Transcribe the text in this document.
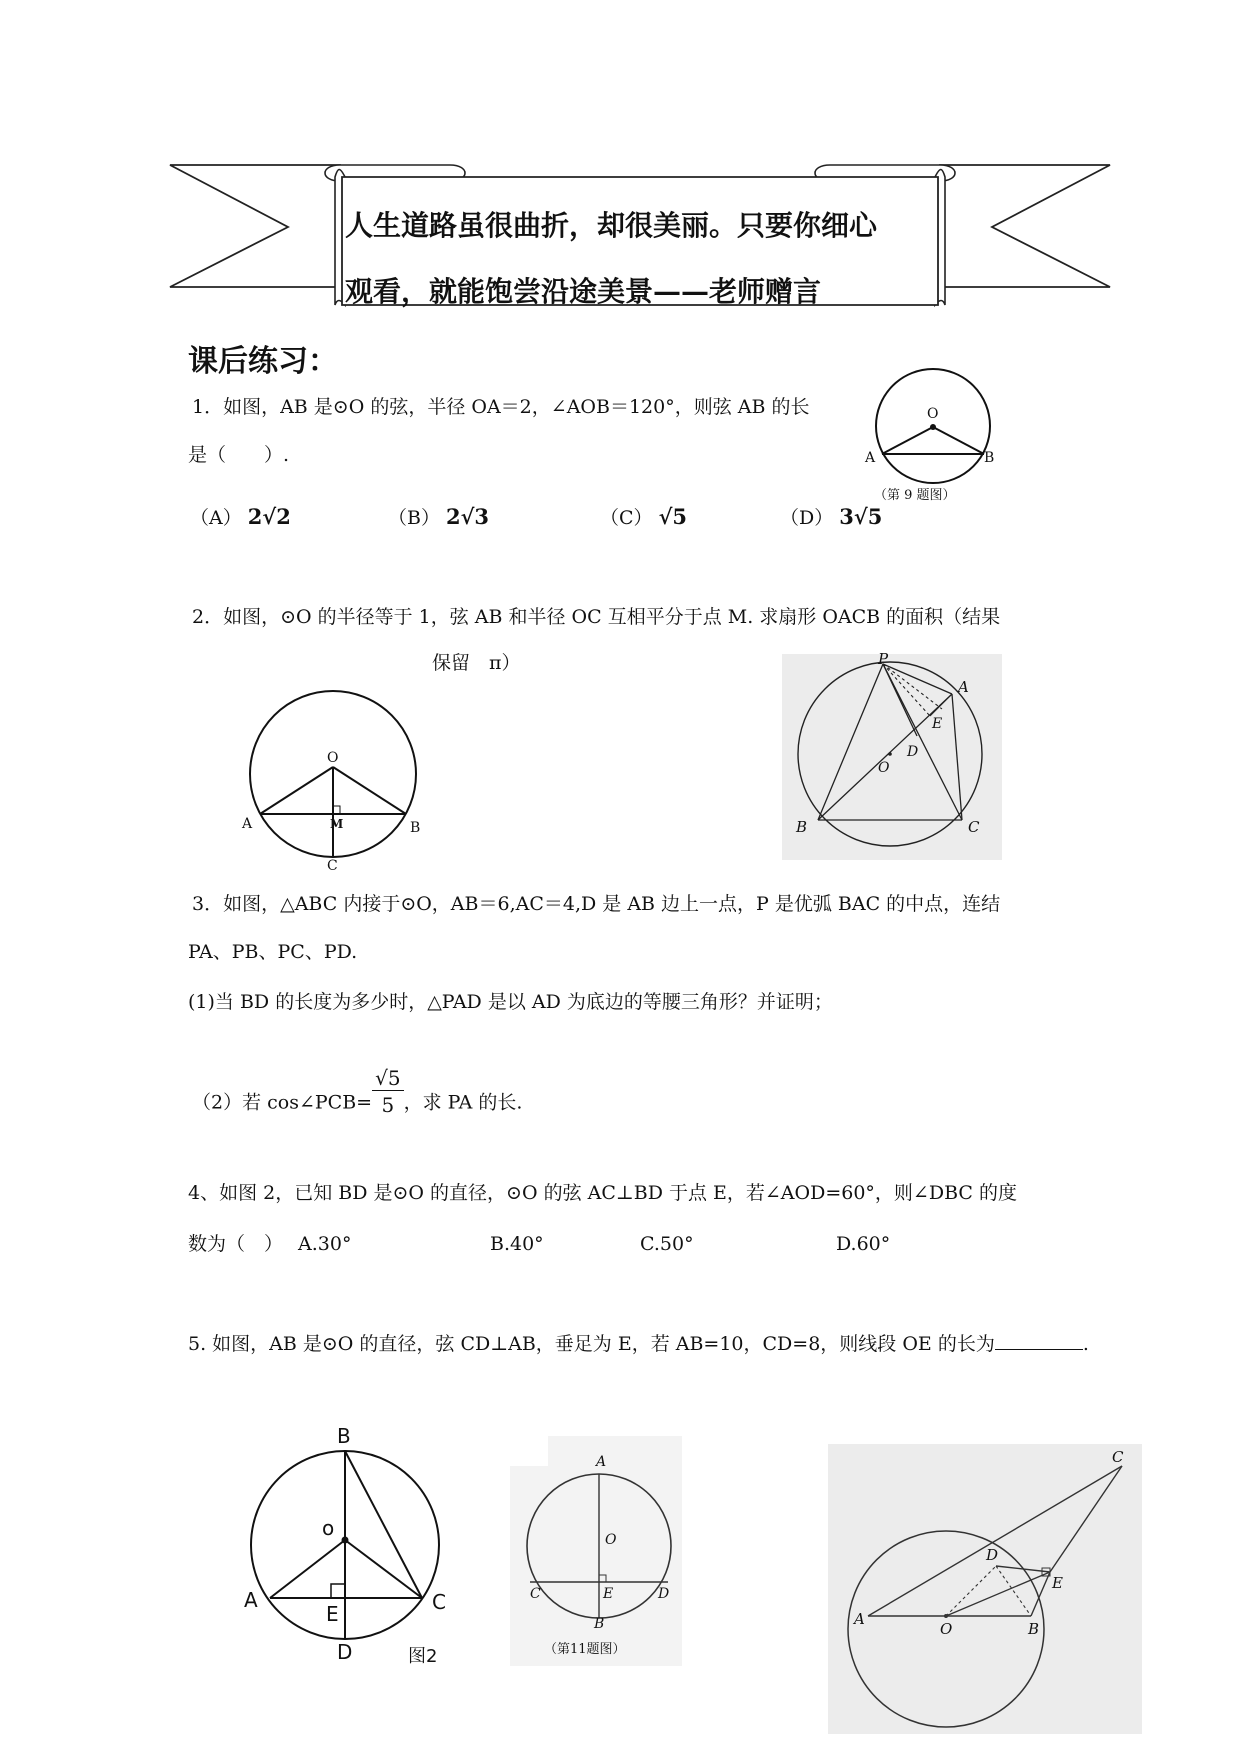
人生道路虽很曲折，却很美丽。只要你细心
观看，就能饱尝沿途美景——老师赠言
课后练习：
1．如图，AB 是⊙O 的弦，半径 OA＝2，∠AOB＝120°，则弦 AB 的长
是（　　）.
（A） 2√2	（B） 2√3	（C） √5	（D） 3√5
O
A	B
（第 9 题图）
2．如图，⊙O 的半径等于 1，弦 AB 和半径 OC 互相平分于点 M. 求扇形 OACB 的面积（结果
保留　π）
O
A	B
M
C
P
A
E
D
O
B	C
3．如图，△ABC 内接于⊙O，AB＝6,AC＝4,D 是 AB 边上一点，P 是优弧 BAC 的中点，连结
PA、PB、PC、PD.
(1)当 BD 的长度为多少时，△PAD 是以 AD 为底边的等腰三角形？并证明；
（2）若 cos∠PCB= $\frac{√5}{5}$ ，求 PA 的长.
4、如图 2，已知 BD 是⊙O 的直径，⊙O 的弦 AC⊥BD 于点 E，若∠AOD=60°，则∠DBC 的度
数为（　） A.30°	B.40°	C.50°	D.60°
5. 如图，AB 是⊙O 的直径，弦 CD⊥AB，垂足为 E，若 AB=10，CD=8，则线段 OE 的长为	.
B
o
A
E	C
D	图2
A
O
C	E	D
B
（第11题图）
C
D
E
A
O	B
